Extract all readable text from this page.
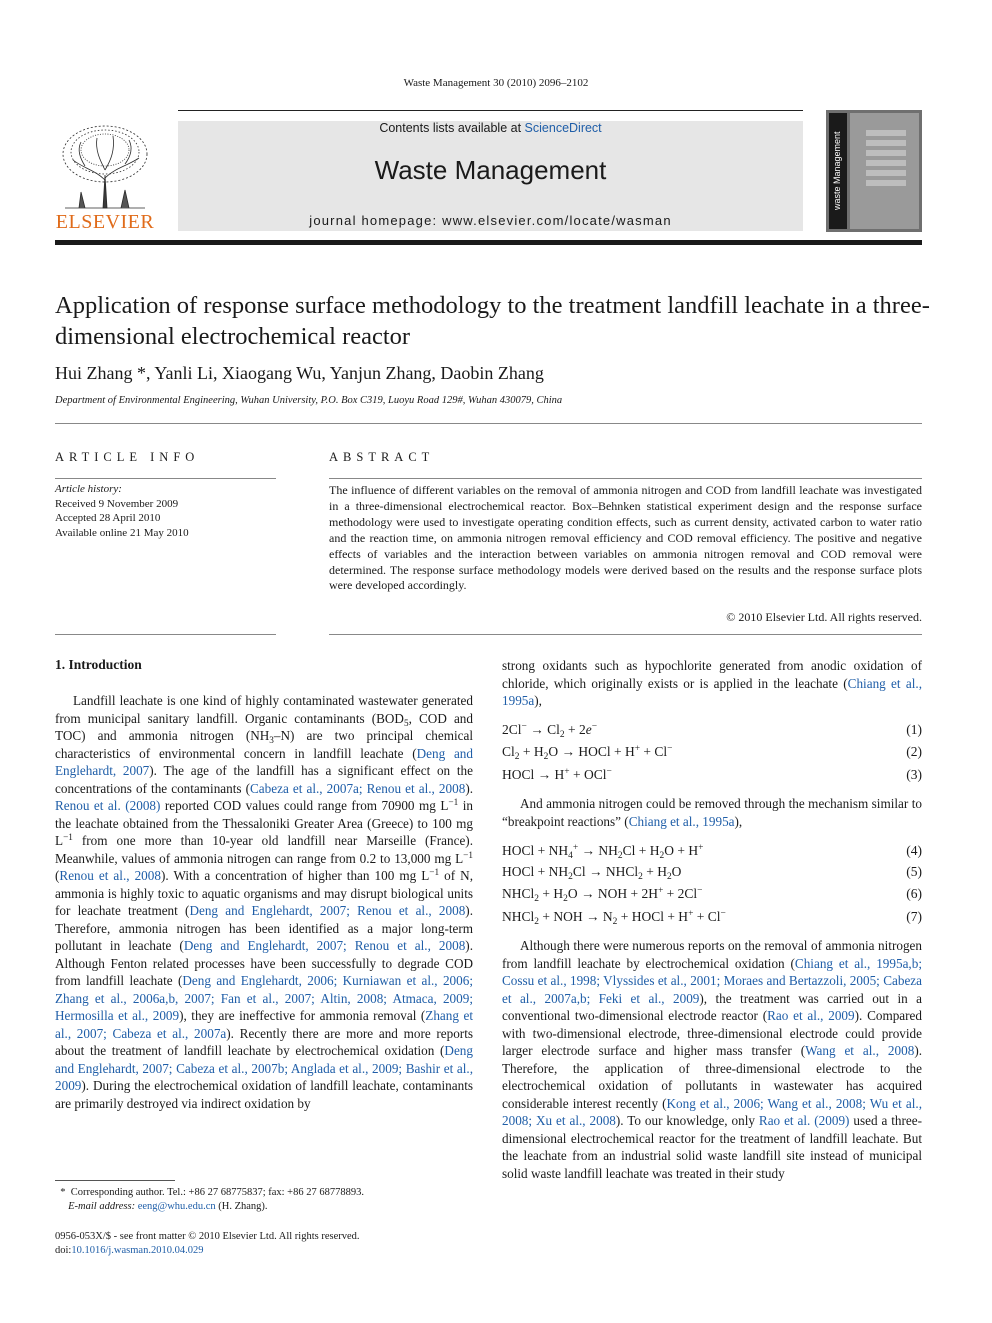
Waste Management 30 (2010) 2096–2102
Contents lists available at ScienceDirect
Waste Management
journal homepage: www.elsevier.com/locate/wasman
ELSEVIER
waste Management
Application of response surface methodology to the treatment landfill leachate in a three-dimensional electrochemical reactor
Hui Zhang *, Yanli Li, Xiaogang Wu, Yanjun Zhang, Daobin Zhang
Department of Environmental Engineering, Wuhan University, P.O. Box C319, Luoyu Road 129#, Wuhan 430079, China
ARTICLE INFO	ABSTRACT
Article history:
Received 9 November 2009
Accepted 28 April 2010
Available online 21 May 2010
The influence of different variables on the removal of ammonia nitrogen and COD from landfill leachate was investigated in a three-dimensional electrochemical reactor. Box–Behnken statistical experiment design and the response surface methodology were used to investigate operating condition effects, such as current density, activated carbon to water ratio and the reaction time, on ammonia nitrogen removal efficiency and COD removal efficiency. The positive and negative effects of variables and the interaction between variables on ammonia nitrogen removal and COD removal were determined. The response surface methodology models were derived based on the results and the response surface plots were developed accordingly.
© 2010 Elsevier Ltd. All rights reserved.
1. Introduction
Landfill leachate is one kind of highly contaminated wastewater generated from municipal sanitary landfill. Organic contaminants ($BOD_5$, COD and TOC) and ammonia nitrogen $(NH_3-N)$ are two principal chemical characteristics of environmental concern in landfill leachate (Deng and Englehardt, 2007). The age of the landfill has a significant effect on the concentrations of the contaminants (Cabeza et al., 2007a; Renou et al., 2008). Renou et al. (2008) reported COD values could range from 70900 mg $L^{-1}$ in the leachate obtained from the Thessaloniki Greater Area (Greece) to 100 mg $L^{-1}$ from one more than 10-year old landfill near Marseille (France). Meanwhile, values of ammonia nitrogen can range from 0.2 to 13,000 mg $L^{-1}$ (Renou et al., 2008). With a concentration of higher than 100 mg $L^{-1}$ of N, ammonia is highly toxic to aquatic organisms and may disrupt biological units for leachate treatment (Deng and Englehardt, 2007; Renou et al., 2008). Therefore, ammonia nitrogen has been identified as a major long-term pollutant in leachate (Deng and Englehardt, 2007; Renou et al., 2008). Although Fenton related processes have been successfully to degrade COD from landfill leachate (Deng and Englehardt, 2006; Kurniawan et al., 2006; Zhang et al., 2006a,b, 2007; Fan et al., 2007; Altin, 2008; Atmaca, 2009; Hermosilla et al., 2009), they are ineffective for ammonia removal (Zhang et al., 2007; Cabeza et al., 2007a). Recently there are more and more reports about the treatment of landfill leachate by electrochemical oxidation (Deng and Englehardt, 2007; Cabeza et al., 2007b; Anglada et al., 2009; Bashir et al., 2009). During the electrochemical oxidation of landfill leachate, contaminants are primarily destroyed via indirect oxidation by
strong oxidants such as hypochlorite generated from anodic oxidation of chloride, which originally exists or is applied in the leachate (Chiang et al., 1995a),
$2Cl^- \to Cl_2 + 2e^-$	(1)
$Cl_2 + H_2O$ → HOCl + H+ + Cl−	(2)
HOCl → H+ + OCl−	(3)
And ammonia nitrogen could be removed through the mechanism similar to “breakpoint reactions” (Chiang et al., 1995a),
HOCl + $NH_4^+ \to NH_2Cl + H_2O + H^+$	(4)
HOCl + $NH_2Cl$ → NHCl$_2$ + $H_2O$	(5)
NHCl$_2$ + $H_2O$ → NOH + 2H+ + 2Cl−	(6)
NHCl$_2$ + NOH → $N_2$ + HOCl + H+ + Cl−	(7)
Although there were numerous reports on the removal of ammonia nitrogen from landfill leachate by electrochemical oxidation (Chiang et al., 1995a,b; Cossu et al., 1998; Vlyssides et al., 2001; Moraes and Bertazzoli, 2005; Cabeza et al., 2007a,b; Feki et al., 2009), the treatment was carried out in a conventional two-dimensional electrode reactor (Rao et al., 2009). Compared with two-dimensional electrode, three-dimensional electrode could provide larger electrode surface and higher mass transfer (Wang et al., 2008). Therefore, the application of three-dimensional electrode to the electrochemical oxidation of pollutants in wastewater has acquired considerable interest recently (Kong et al., 2006; Wang et al., 2008; Wu et al., 2008; Xu et al., 2008). To our knowledge, only Rao et al. (2009) used a three-dimensional electrochemical reactor for the treatment of landfill leachate. But the leachate from an industrial solid waste landfill site instead of municipal solid waste landfill leachate was treated in their study
*  Corresponding author. Tel.: +86 27 68775837; fax: +86 27 68778893.
E-mail address: eeng@whu.edu.cn (H. Zhang).
0956-053X/$ - see front matter © 2010 Elsevier Ltd. All rights reserved.
doi:10.1016/j.wasman.2010.04.029
